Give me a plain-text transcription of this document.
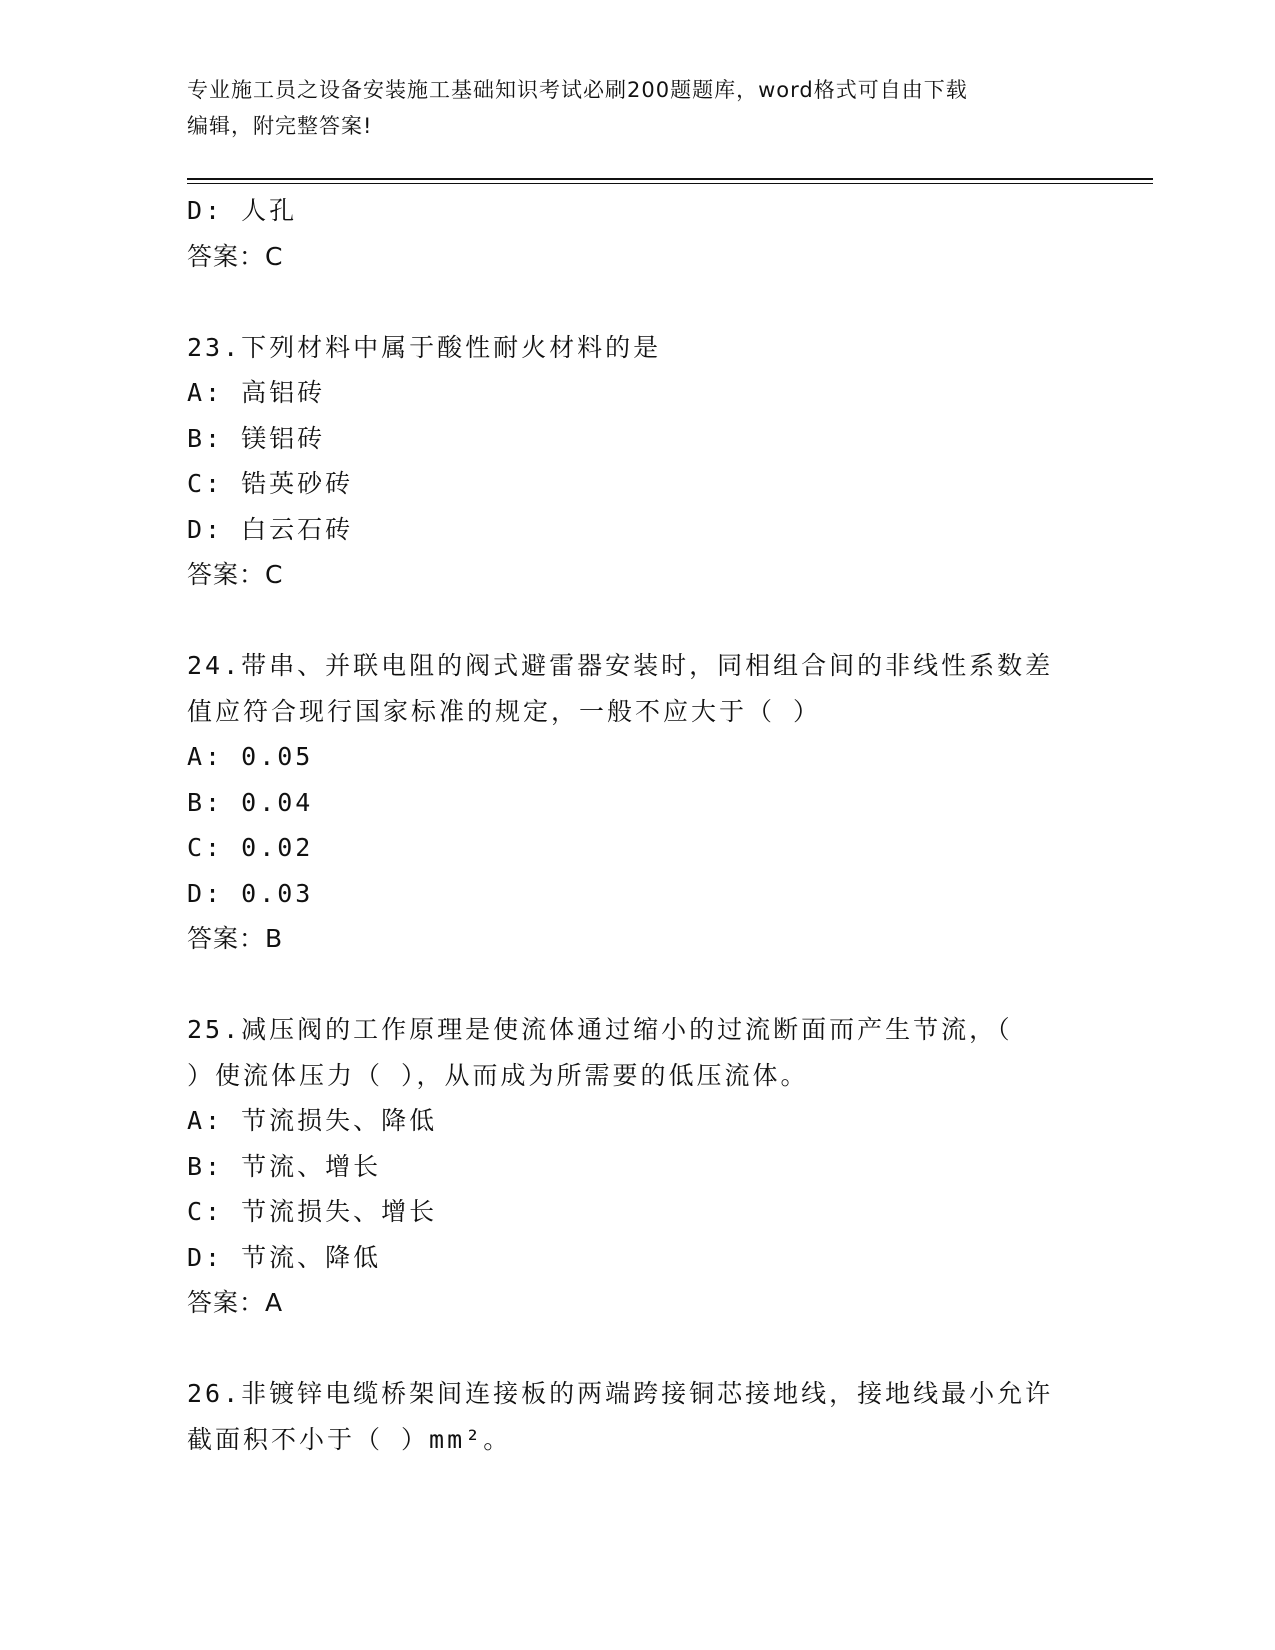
专业施工员之设备安装施工基础知识考试必刷200题题库，word格式可自由下载
编辑，附完整答案!
D: 人孔
答案：C
23.下列材料中属于酸性耐火材料的是
A: 高铝砖
B: 镁铝砖
C: 锆英砂砖
D: 白云石砖
答案：C
24.带串、并联电阻的阀式避雷器安装时，同相组合间的非线性系数差
值应符合现行国家标准的规定，一般不应大于（ ）
A: 0.05
B: 0.04
C: 0.02
D: 0.03
答案：B
25.减压阀的工作原理是使流体通过缩小的过流断面而产生节流，（
）使流体压力（ ），从而成为所需要的低压流体。
A: 节流损失、降低
B: 节流、增长
C: 节流损失、增长
D: 节流、降低
答案：A
26.非镀锌电缆桥架间连接板的两端跨接铜芯接地线，接地线最小允许
截面积不小于（ ）mm²。
